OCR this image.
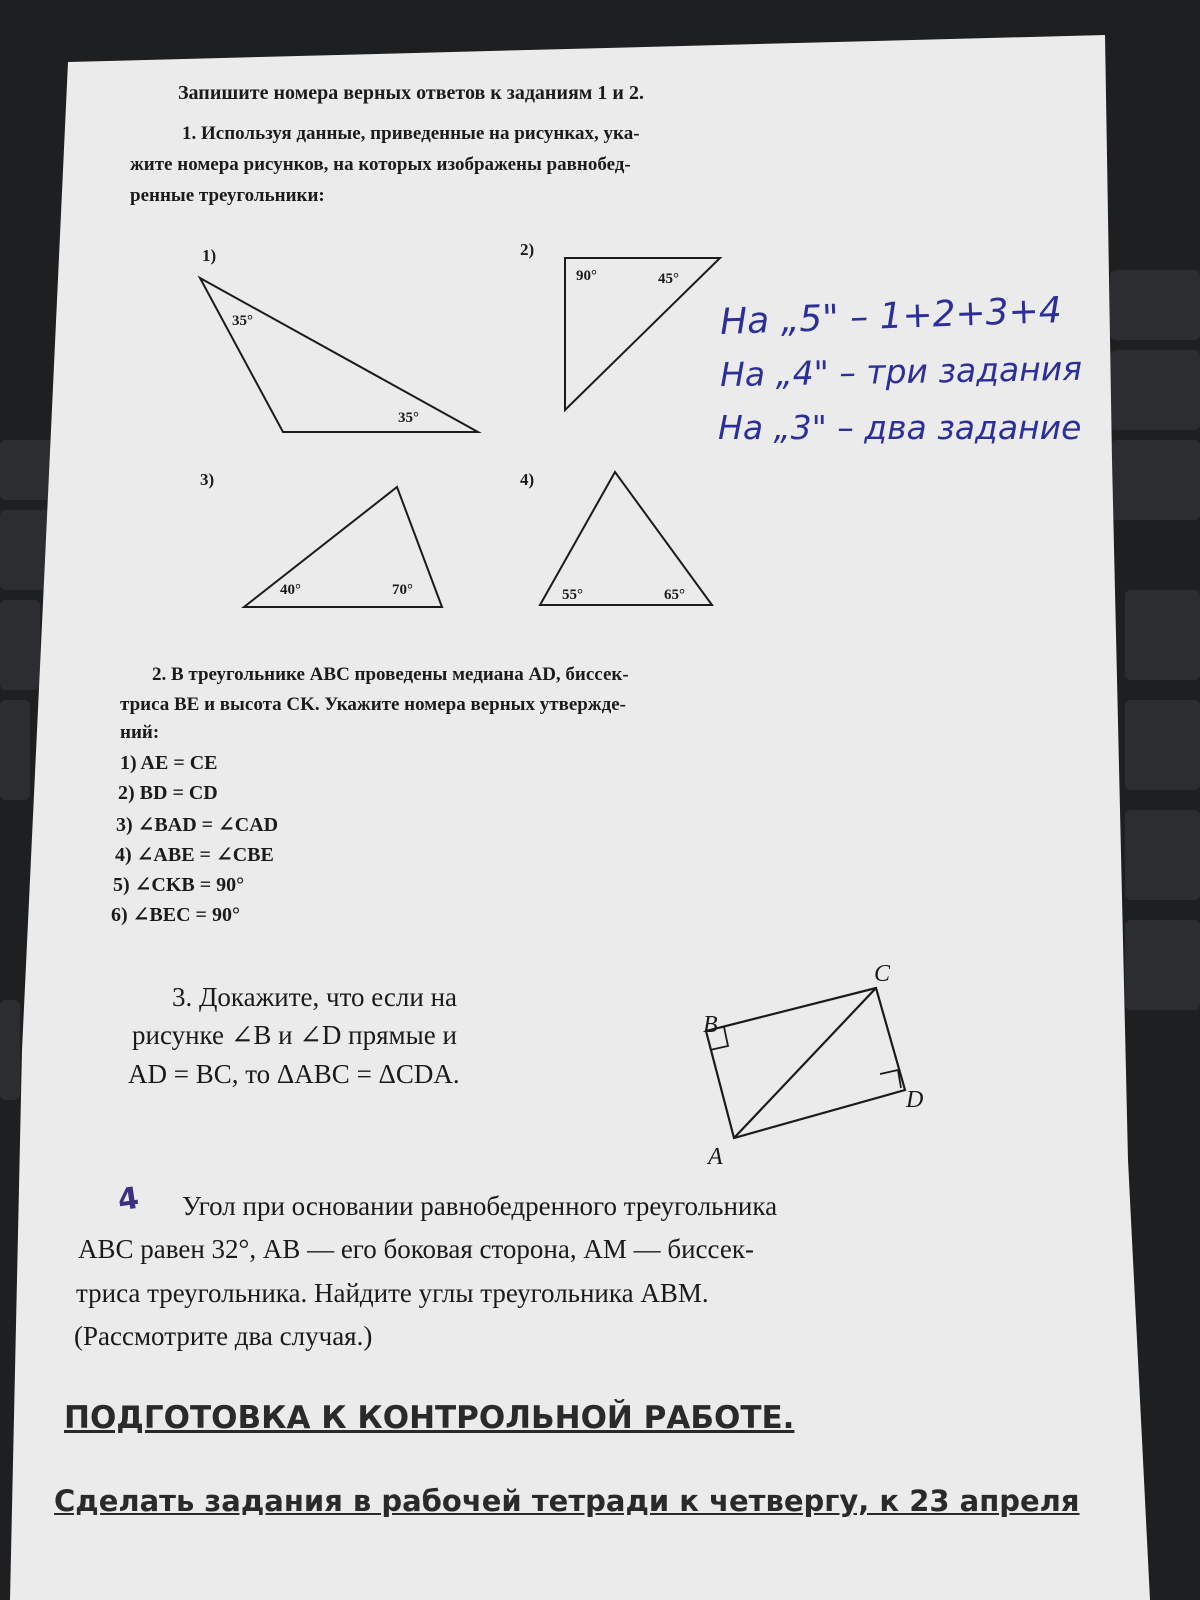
Запишите номера верных ответов к заданиям 1 и 2.
1. Используя данные, приведенные на рисунках, ука-
жите номера рисунков, на которых изображены равнобед-
ренные треугольники:
1)	2)
3)	4)
35°
35°
90°	45°
40°	70°	55°	65°
На „5" – 1+2+3+4
На „4" – три задания
На „3" – два задание
2. В треугольнике ABC проведены медиана AD, биссек-
триса BE и высота CK. Укажите номера верных утвержде-
ний:
1) AE = CE
2) BD = CD
3) ∠BAD = ∠CAD
4) ∠ABE = ∠CBE
5) ∠CKB = 90°
6) ∠BEC = 90°
3. Докажите, что если на
рисунке ∠B и ∠D прямые и
AD = BC, то ΔABC = ΔCDA.
B
C
D
A
4 Угол при основании равнобедренного треугольника
ABC равен 32°, AB — его боковая сторона, AM — биссек-
триса треугольника. Найдите углы треугольника ABM.
(Рассмотрите два случая.)
ПОДГОТОВКА К КОНТРОЛЬНОЙ РАБОТЕ.
Сделать задания в рабочей тетради к четвергу, к 23 апреля
